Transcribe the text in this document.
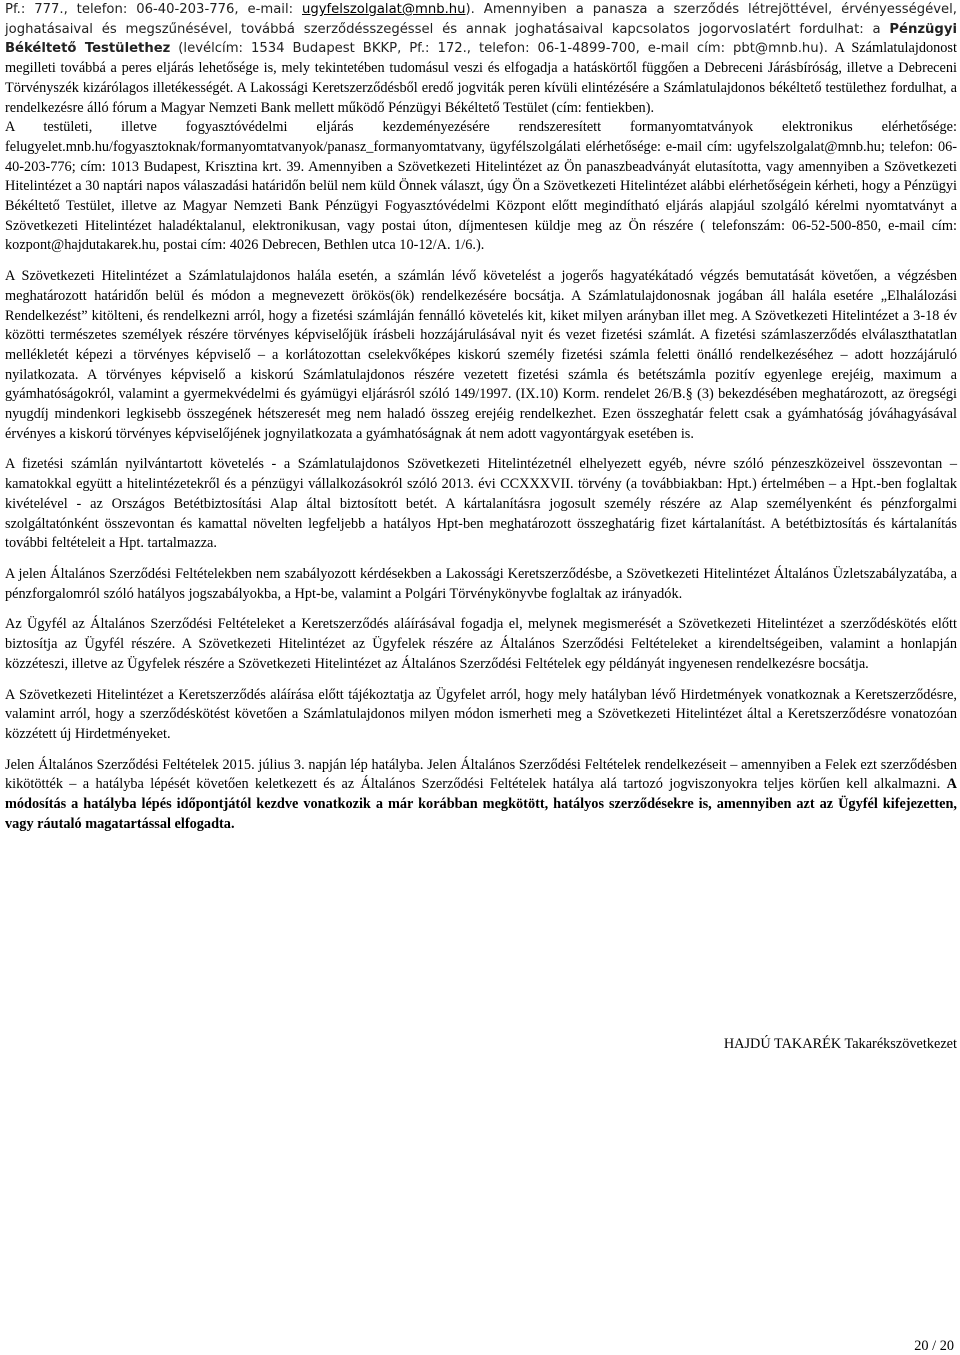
Pf.: 777., telefon: 06-40-203-776, e-mail: ugyfelszolgalat@mnb.hu). Amennyiben a panasza a szerződés létrejöttével, érvényességével, joghatásaival és megszűnésével, továbbá szerződésszegéssel és annak joghatásaival kapcsolatos jogorvoslatért fordulhat: a Pénzügyi Békéltető Testülethez (levélcím: 1534 Budapest BKKP, Pf.: 172., telefon: 06-1-4899-700, e-mail cím: pbt@mnb.hu). A Számlatulajdonost megilleti továbbá a peres eljárás lehetősége is, mely tekintetében tudomásul veszi és elfogadja a hatáskörtől függően a Debreceni Járásbíróság, illetve a Debreceni Törvényszék kizárólagos illetékességét. A Lakossági Keretszerződésből eredő jogviták peren kívüli elintézésére a Számlatulajdonos békéltető testülethez fordulhat, a rendelkezésre álló fórum a Magyar Nemzeti Bank mellett működő Pénzügyi Békéltető Testület (cím: fentiekben).

A testületi, illetve fogyasztóvédelmi eljárás kezdeményezésére rendszeresített formanyomtatványok elektronikus elérhetősége: felugyelet.mnb.hu/fogyasztoknak/formanyomtatvanyok/panasz_formanyomtatvany, ügyfélszolgálati elérhetősége: e-mail cím: ugyfelszolgalat@mnb.hu; telefon: 06-40-203-776; cím: 1013 Budapest, Krisztina krt. 39. Amennyiben a Szövetkezeti Hitelintézet az Ön panaszbeadványát elutasította, vagy amennyiben a Szövetkezeti Hitelintézet a 30 naptári napos válaszadási határidőn belül nem küld Önnek választ, úgy Ön a Szövetkezeti Hitelintézet alábbi elérhetőségein kérheti, hogy a Pénzügyi Békéltető Testület, illetve az Magyar Nemzeti Bank Pénzügyi Fogyasztóvédelmi Központ előtt megindítható eljárás alapjául szolgáló kérelmi nyomtatványt a Szövetkezeti Hitelintézet haladéktalanul, elektronikusan, vagy postai úton, díjmentesen küldje meg az Ön részére ( telefonszám: 06-52-500-850, e-mail cím: kozpont@hajdutakarek.hu, postai cím: 4026 Debrecen, Bethlen utca 10-12/A. 1/6.).

A Szövetkezeti Hitelintézet a Számlatulajdonos halála esetén, a számlán lévő követelést a jogerős hagyatékátadó végzés bemutatását követően, a végzésben meghatározott határidőn belül és módon a megnevezett örökös(ök) rendelkezésére bocsátja. A Számlatulajdonosnak jogában áll halála esetére „Elhalálozási Rendelkezést” kitölteni, és rendelkezni arról, hogy a fizetési számláján fennálló követelés kit, kiket milyen arányban illet meg. A Szövetkezeti Hitelintézet a 3-18 év közötti természetes személyek részére törvényes képviselőjük írásbeli hozzájárulásával nyit és vezet fizetési számlát. A fizetési számlaszerződés elválaszthatatlan mellékletét képezi a törvényes képviselő – a korlátozottan cselekvőképes kiskorú személy fizetési számla feletti önálló rendelkezéséhez – adott hozzájáruló nyilatkozata. A törvényes képviselő a kiskorú Számlatulajdonos részére vezetett fizetési számla és betétszámla pozitív egyenlege erejéig, maximum a gyámhatóságokról, valamint a gyermekvédelmi és gyámügyi eljárásról szóló 149/1997. (IX.10) Korm. rendelet 26/B.§ (3) bekezdésében meghatározott, az öregségi nyugdíj mindenkori legkisebb összegének hétszeresét meg nem haladó összeg erejéig rendelkezhet. Ezen összeghatár felett csak a gyámhatóság jóváhagyásával érvényes a kiskorú törvényes képviselőjének jognyilatkozata a gyámhatóságnak át nem adott vagyontárgyak esetében is.

A fizetési számlán nyilvántartott követelés - a Számlatulajdonos Szövetkezeti Hitelintézetnél elhelyezett egyéb, névre szóló pénzeszközeivel összevontan – kamatokkal együtt a hitelintézetekről és a pénzügyi vállalkozásokról szóló 2013. évi CCXXXVII. törvény (a továbbiakban: Hpt.) értelmében – a Hpt.-ben foglaltak kivételével - az Országos Betétbiztosítási Alap által biztosított betét. A kártalanításra jogosult személy részére az Alap személyenként és pénzforgalmi szolgáltatónként összevontan és kamattal növelten legfeljebb a hatályos Hpt-ben meghatározott összeghatárig fizet kártalanítást. A betétbiztosítás és kártalanítás további feltételeit a Hpt. tartalmazza.

A jelen Általános Szerződési Feltételekben nem szabályozott kérdésekben a Lakossági Keretszerződésbe, a Szövetkezeti Hitelintézet Általános Üzletszabályzatába, a pénzforgalomról szóló hatályos jogszabályokba, a Hpt-be, valamint a Polgári Törvénykönyvbe foglaltak az irányadók.

Az Ügyfél az Általános Szerződési Feltételeket a Keretszerződés aláírásával fogadja el, melynek megismerését a Szövetkezeti Hitelintézet a szerződéskötés előtt biztosítja az Ügyfél részére. A Szövetkezeti Hitelintézet az Ügyfelek részére az Általános Szerződési Feltételeket a kirendeltségeiben, valamint a honlapján közzéteszi, illetve az Ügyfelek részére a Szövetkezeti Hitelintézet az Általános Szerződési Feltételek egy példányát ingyenesen rendelkezésre bocsátja.

A Szövetkezeti Hitelintézet a Keretszerződés aláírása előtt tájékoztatja az Ügyfelet arról, hogy mely hatályban lévő Hirdetmények vonatkoznak a Keretszerződésre, valamint arról, hogy a szerződéskötést követően a Számlatulajdonos milyen módon ismerheti meg a Szövetkezeti Hitelintézet által a Keretszerződésre vonatozóan közzétett új Hirdetményeket.

Jelen Általános Szerződési Feltételek 2015. július 3. napján lép hatályba. Jelen Általános Szerződési Feltételek rendelkezéseit – amennyiben a Felek ezt szerződésben kikötötték – a hatályba lépését követően keletkezett és az Általános Szerződési Feltételek hatálya alá tartozó jogviszonyokra teljes körűen kell alkalmazni. A módosítás a hatályba lépés időpontjától kezdve vonatkozik a már korábban megkötött, hatályos szerződésekre is, amennyiben azt az Ügyfél kifejezetten, vagy ráutaló magatartással elfogadta.

HAJDÚ TAKARÉK Takarékszövetkezet
20 / 20
